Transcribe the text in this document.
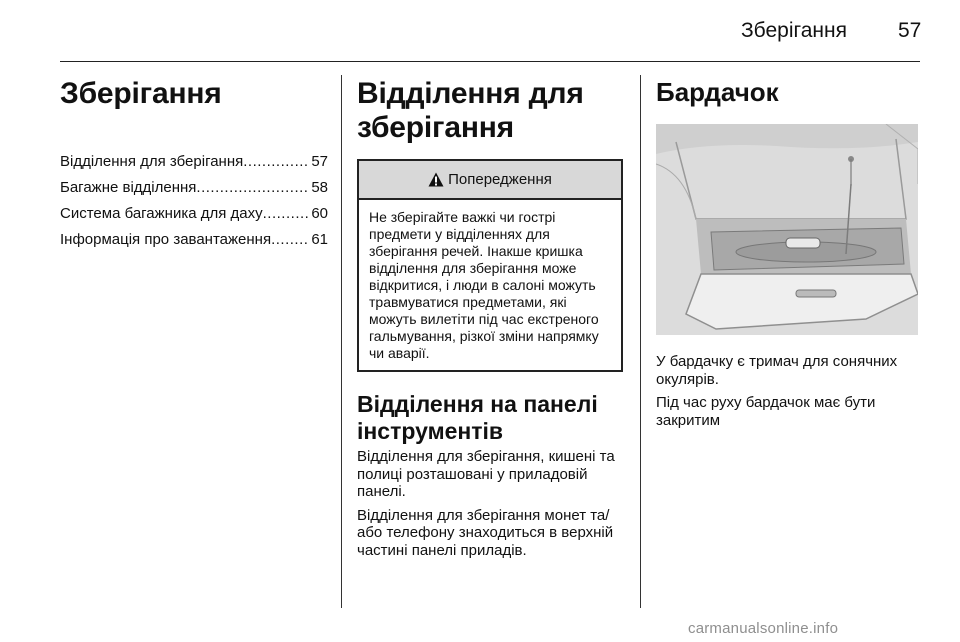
Зберігання 57
Зберігання
Відділення для зберігання .....	57
Багажне відділення .....	58
Система багажника для даху .....	60
Інформація про завантаження .....	61
Відділення для
зберігання
Попередження
Не зберігайте важкі чи гострі предмети у відділеннях для зберігання речей. Інакше кришка відділення для зберігання може відкритися, і люди в салоні можуть травмуватися предметами, які можуть вилетіти під час екстреного гальмування, різкої зміни напрямку чи аварії.
Відділення на панелі
інструментів

Відділення для зберігання, кишені та полиці розташовані у приладовій панелі.

Відділення для зберігання монет та/або телефону знаходиться в верхній частині панелі приладів.

Бардачок

У бардачку є тримач для сонячних окулярів.

Під час руху бардачок має бути закритим

carmanualsonline.info
